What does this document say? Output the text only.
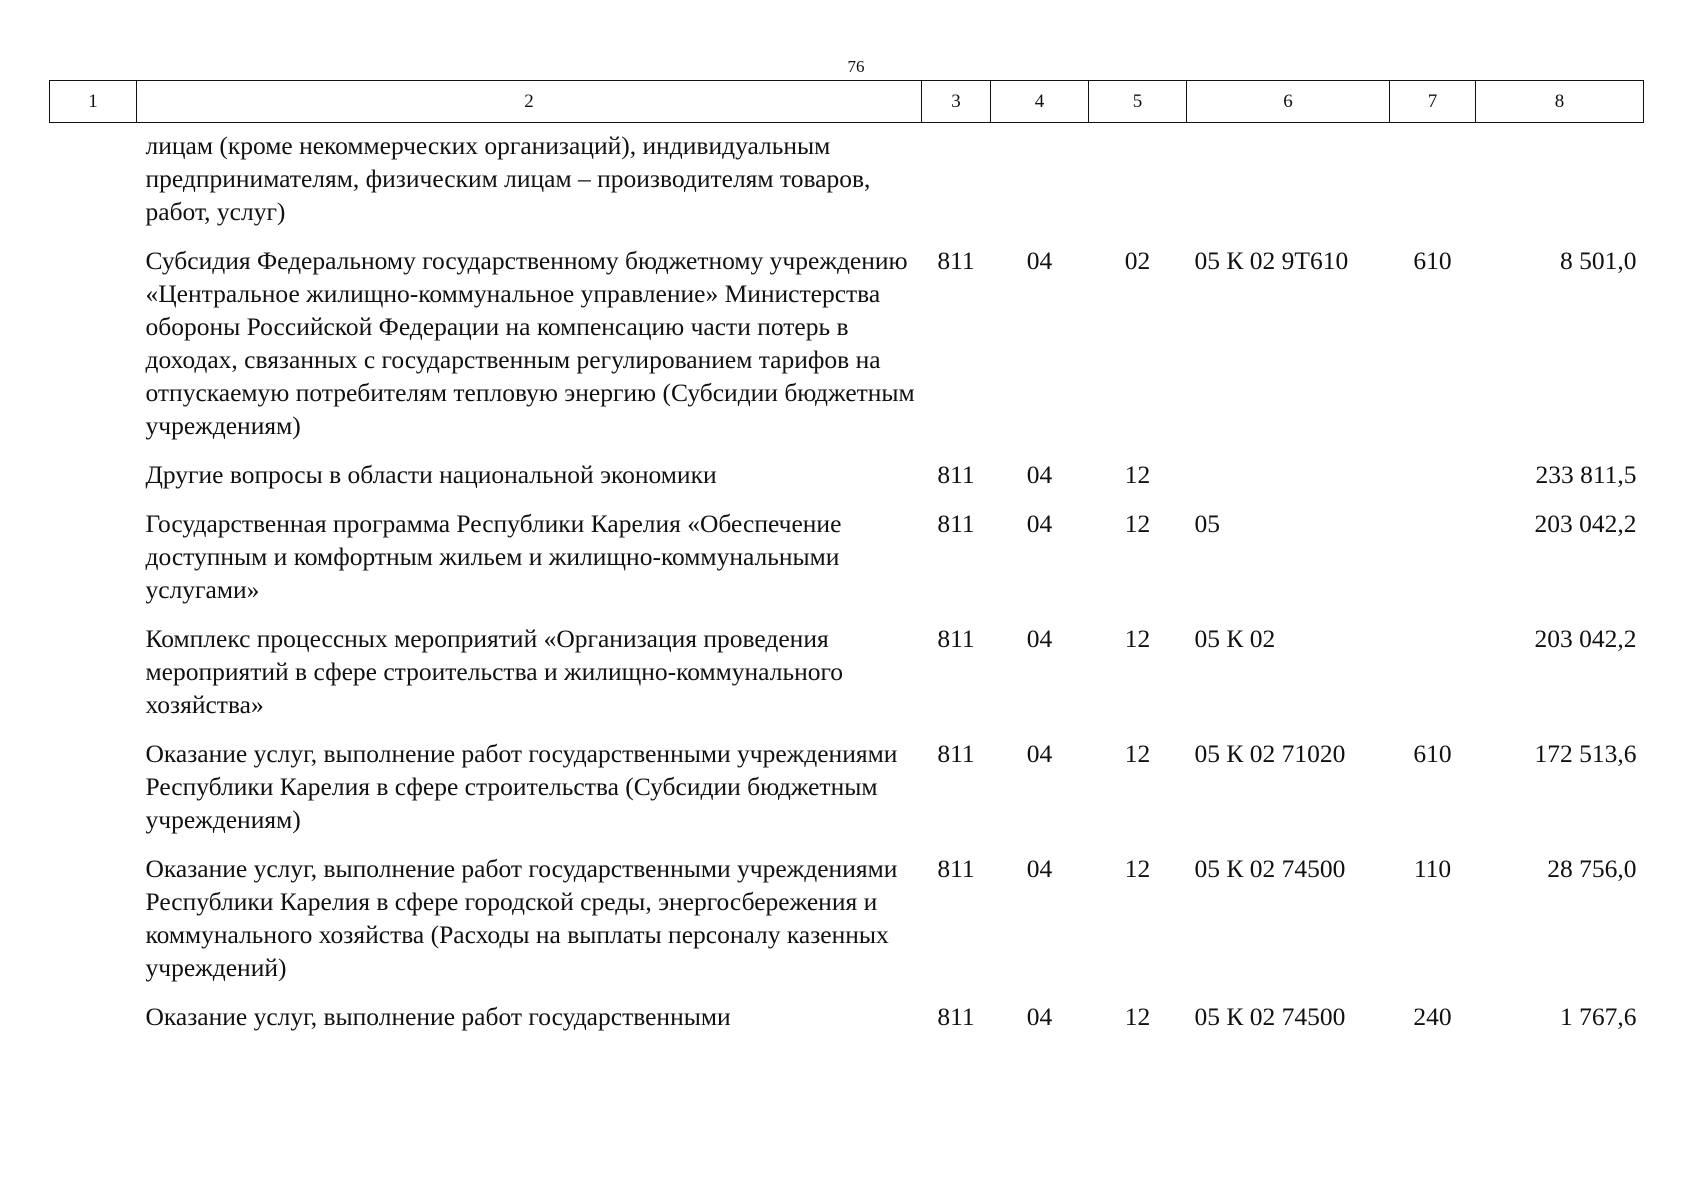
76
1	2	3	4	5	6	7	8
	лицам (кроме некоммерческих организаций), индивидуальным предпринимателям, физическим лицам – производителям товаров, работ, услуг)						
	Субсидия Федеральному государственному бюджетному учреждению «Центральное жилищно-коммунальное управление» Министерства обороны Российской Федерации на компенсацию части потерь в доходах, связанных с государственным регулированием тарифов на отпускаемую потребителям тепловую энергию (Субсидии бюджетным учреждениям)	811	04	02	05 К 02 9Т610	610	8 501,0
	Другие вопросы в области национальной экономики	811	04	12			233 811,5
	Государственная программа Республики Карелия «Обеспечение доступным и комфортным жильем и жилищно-коммунальными услугами»	811	04	12	05		203 042,2
	Комплекс процессных мероприятий «Организация проведения мероприятий в сфере строительства и жилищно-коммунального хозяйства»	811	04	12	05 К 02		203 042,2
	Оказание услуг, выполнение работ государственными учреждениями Республики Карелия в сфере строительства (Субсидии бюджетным учреждениям)	811	04	12	05 К 02 71020	610	172 513,6
	Оказание услуг, выполнение работ государственными учреждениями Республики Карелия в сфере городской среды, энергосбережения и коммунального хозяйства (Расходы на выплаты персоналу казенных учреждений)	811	04	12	05 К 02 74500	110	28 756,0
	Оказание услуг, выполнение работ государственными	811	04	12	05 К 02 74500	240	1 767,6
